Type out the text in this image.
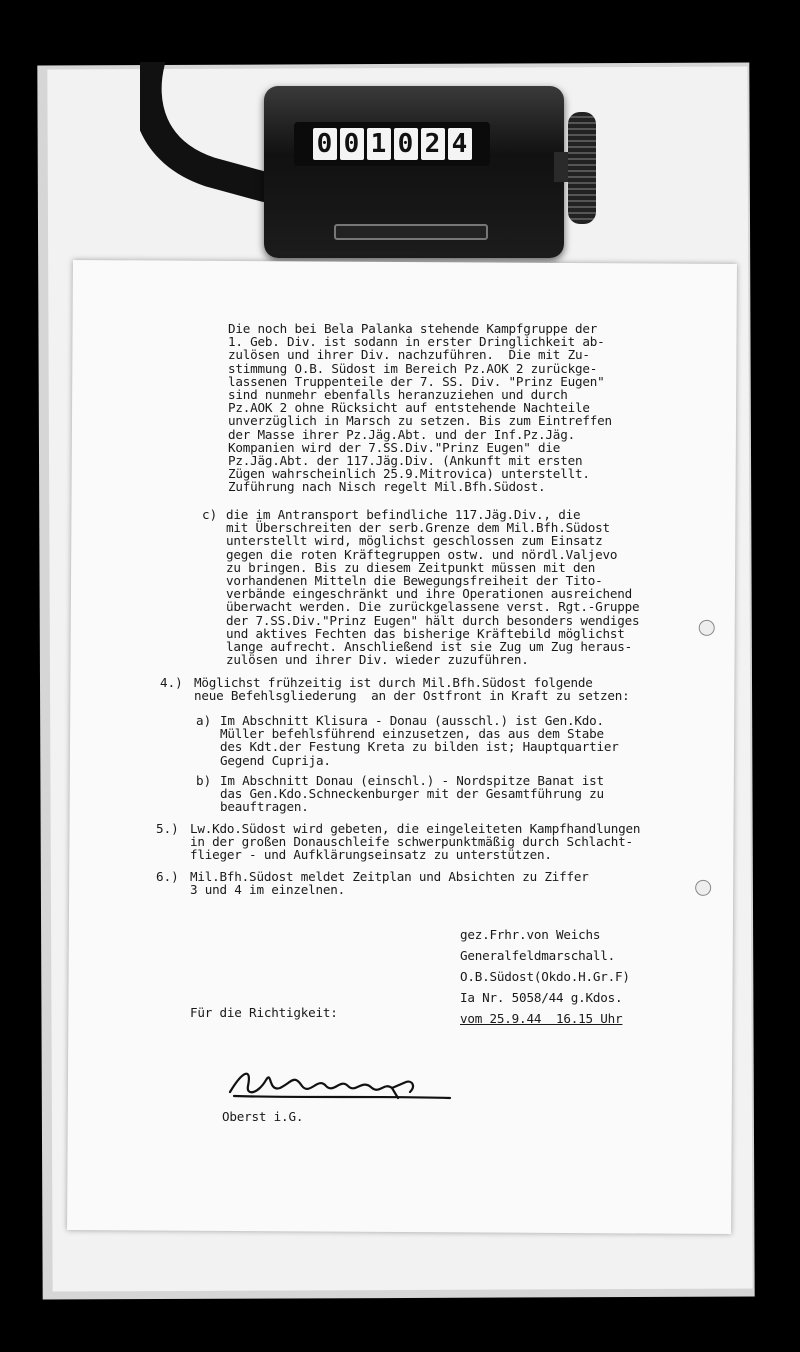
0 0 1 0 2 4
Die noch bei Bela Palanka stehende Kampfgruppe der
1. Geb. Div. ist sodann in erster Dringlichkeit ab-
zulösen und ihrer Div. nachzuführen.  Die mit Zu-
stimmung O.B. Südost im Bereich Pz.AOK 2 zurückge-
lassenen Truppenteile der 7. SS. Div. "Prinz Eugen"
sind nunmehr ebenfalls heranzuziehen und durch
Pz.AOK 2 ohne Rücksicht auf entstehende Nachteile
unverzüglich in Marsch zu setzen. Bis zum Eintreffen
der Masse ihrer Pz.Jäg.Abt. und der Inf.Pz.Jäg.
Kompanien wird der 7.SS.Div."Prinz Eugen" die
Pz.Jäg.Abt. der 117.Jäg.Div. (Ankunft mit ersten
Zügen wahrscheinlich 25.9.Mitrovica) unterstellt.
Zuführung nach Nisch regelt Mil.Bfh.Südost.
c) die im Antransport befindliche 117.Jäg.Div., die
mit Überschreiten der serb.Grenze dem Mil.Bfh.Südost
unterstellt wird, möglichst geschlossen zum Einsatz
gegen die roten Kräftegruppen ostw. und nördl.Valjevo
zu bringen. Bis zu diesem Zeitpunkt müssen mit den
vorhandenen Mitteln die Bewegungsfreiheit der Tito-
verbände eingeschränkt und ihre Operationen ausreichend
überwacht werden. Die zurückgelassene verst. Rgt.-Gruppe
der 7.SS.Div."Prinz Eugen" hält durch besonders wendiges
und aktives Fechten das bisherige Kräftebild möglichst
lange aufrecht. Anschließend ist sie Zug um Zug heraus-
zulösen und ihrer Div. wieder zuzuführen.
4.) Möglichst frühzeitig ist durch Mil.Bfh.Südost folgende
neue Befehlsgliederung  an der Ostfront in Kraft zu setzen:
a) Im Abschnitt Klisura - Donau (ausschl.) ist Gen.Kdo.
Müller befehlsführend einzusetzen, das aus dem Stabe
des Kdt.der Festung Kreta zu bilden ist; Hauptquartier
Gegend Cuprija.
b) Im Abschnitt Donau (einschl.) - Nordspitze Banat ist
das Gen.Kdo.Schneckenburger mit der Gesamtführung zu
beauftragen.
5.) Lw.Kdo.Südost wird gebeten, die eingeleiteten Kampfhandlungen
in der großen Donauschleife schwerpunktmäßig durch Schlacht-
flieger - und Aufklärungseinsatz zu unterstützen.
6.) Mil.Bfh.Südost meldet Zeitplan und Absichten zu Ziffer
3 und 4 im einzelnen.
gez.Frhr.von Weichs
Generalfeldmarschall.
O.B.Südost(Okdo.H.Gr.F)
Ia Nr. 5058/44 g.Kdos.
vom 25.9.44  16.15 Uhr
Für die Richtigkeit:
Oberst i.G.
